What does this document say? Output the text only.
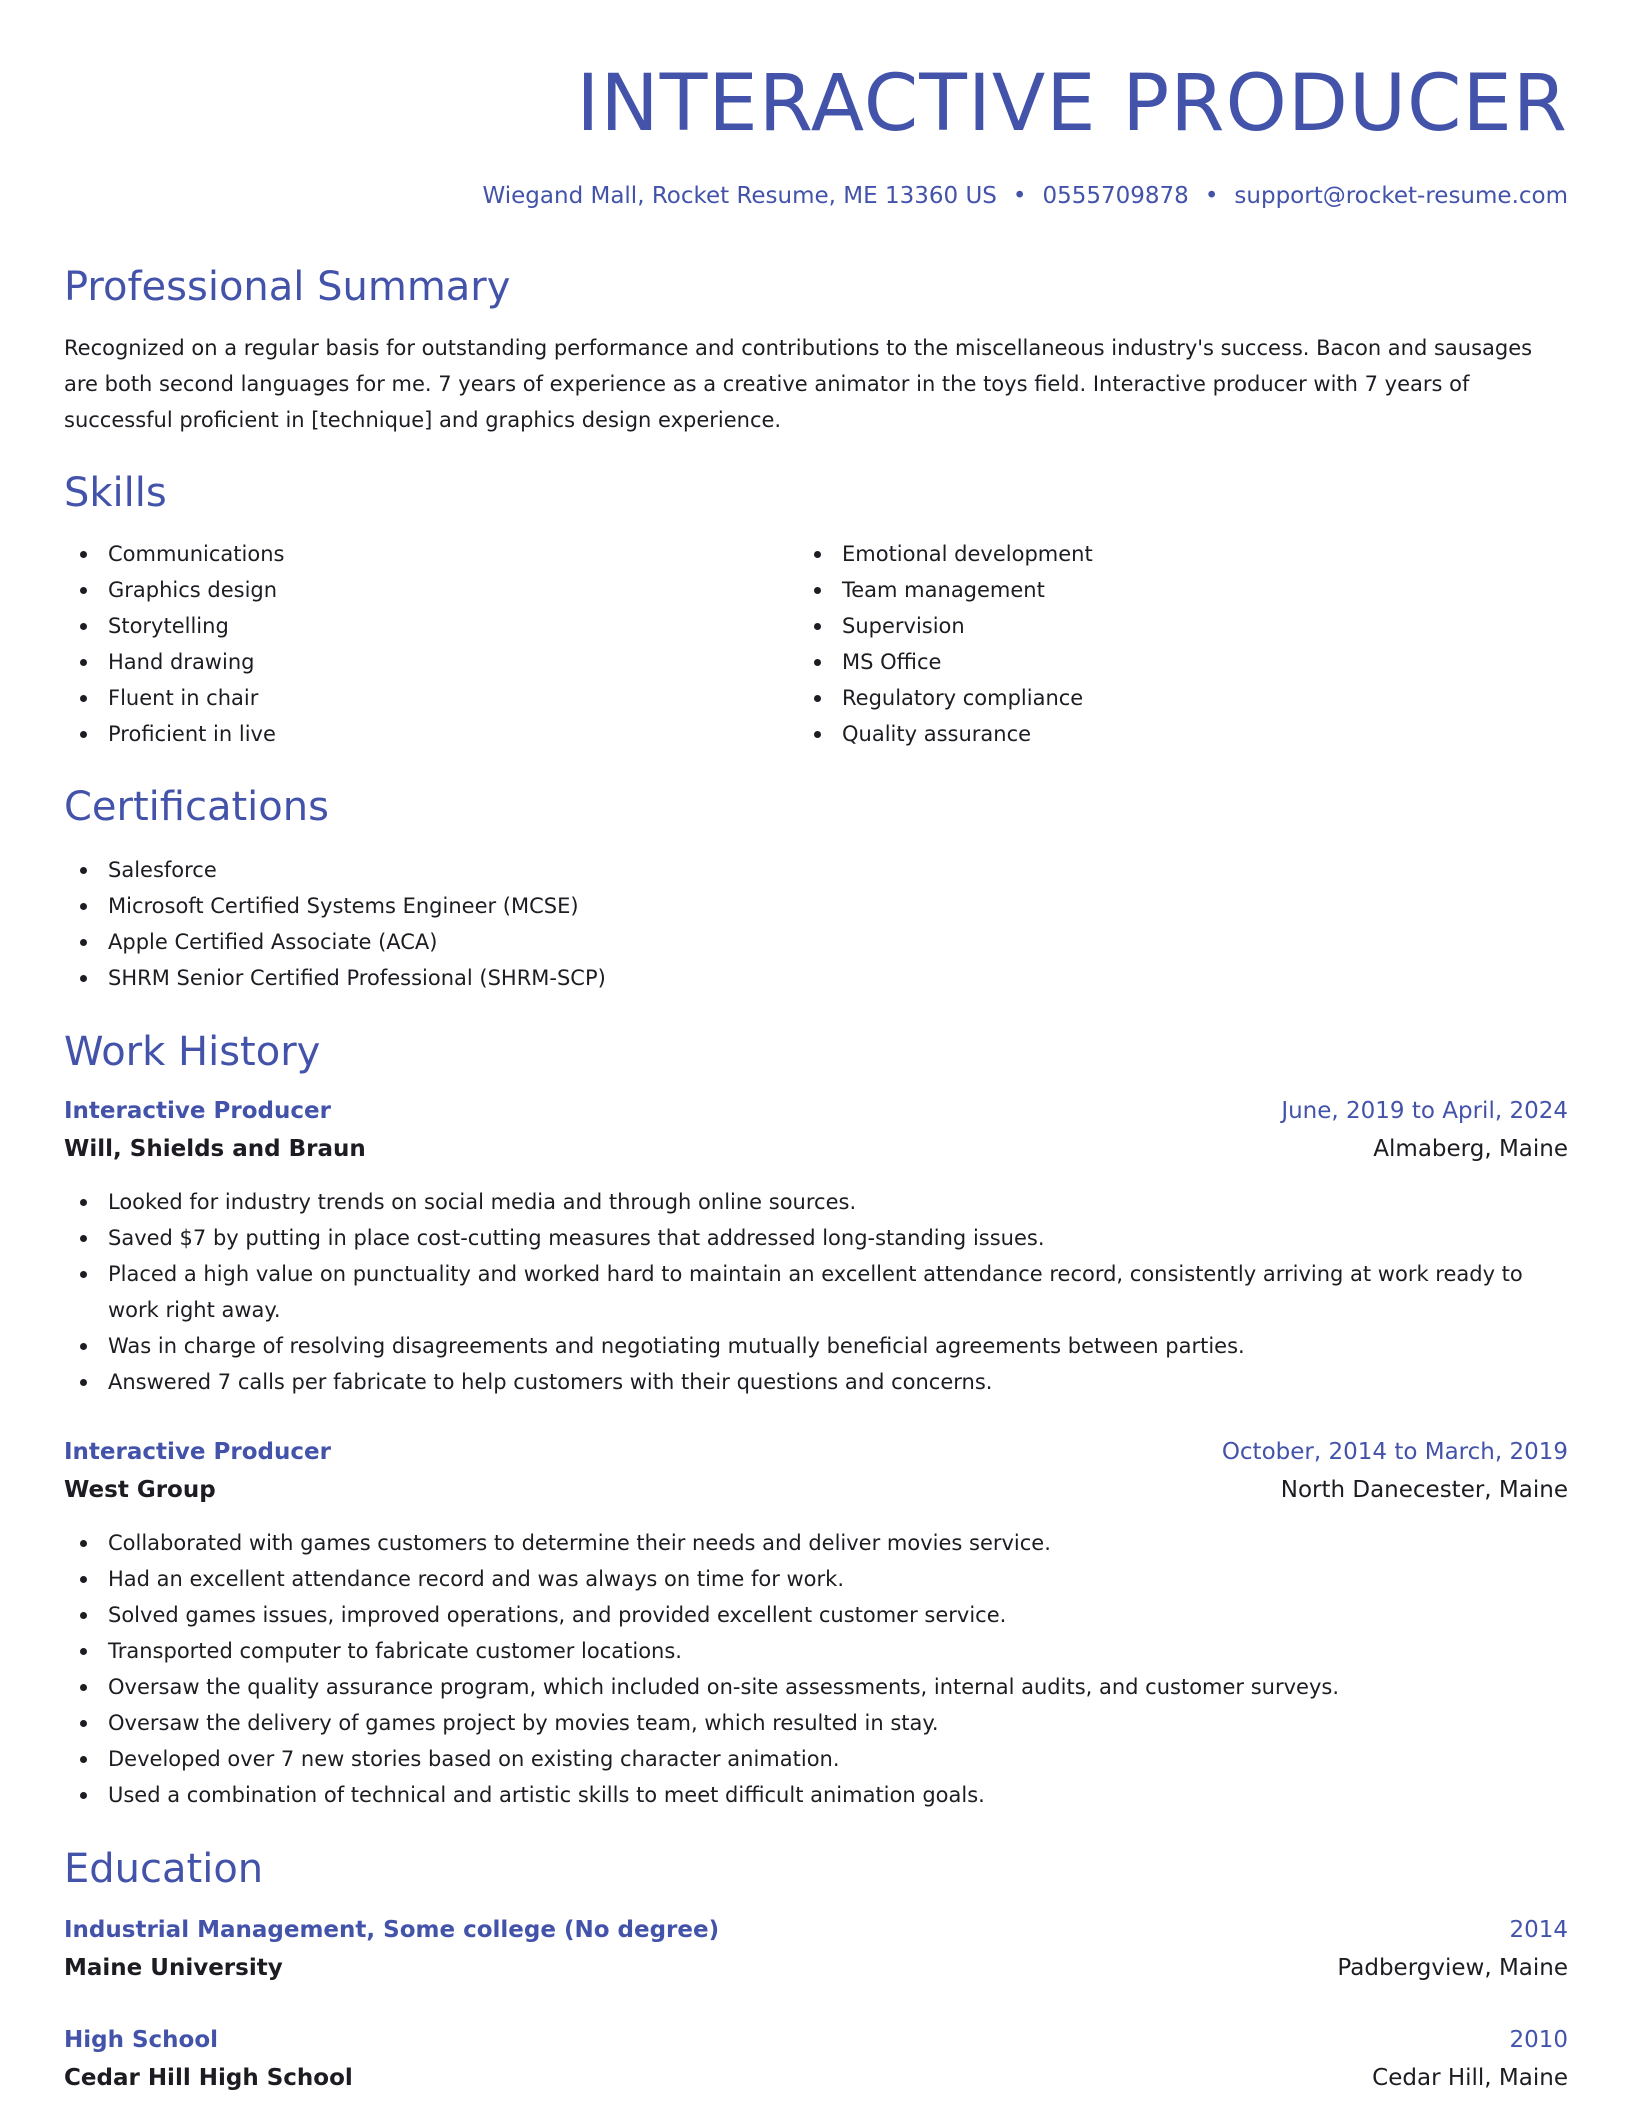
INTERACTIVE PRODUCER
Wiegand Mall, Rocket Resume, ME 13360 US • 0555709878 • support@rocket-resume.com
Professional Summary
Recognized on a regular basis for outstanding performance and contributions to the miscellaneous industry's success. Bacon and sausages are both second languages for me. 7 years of experience as a creative animator in the toys field. Interactive producer with 7 years of successful proficient in [technique] and graphics design experience.
Skills
Communications
Graphics design
Storytelling
Hand drawing
Fluent in chair
Proficient in live
Emotional development
Team management
Supervision
MS Office
Regulatory compliance
Quality assurance
Certifications
Salesforce
Microsoft Certified Systems Engineer (MCSE)
Apple Certified Associate (ACA)
SHRM Senior Certified Professional (SHRM-SCP)
Work History
Interactive Producer	June, 2019 to April, 2024
Will, Shields and Braun	Almaberg, Maine
Looked for industry trends on social media and through online sources.
Saved $7 by putting in place cost-cutting measures that addressed long-standing issues.
Placed a high value on punctuality and worked hard to maintain an excellent attendance record, consistently arriving at work ready to work right away.
Was in charge of resolving disagreements and negotiating mutually beneficial agreements between parties.
Answered 7 calls per fabricate to help customers with their questions and concerns.
Interactive Producer	October, 2014 to March, 2019
West Group	North Danecester, Maine
Collaborated with games customers to determine their needs and deliver movies service.
Had an excellent attendance record and was always on time for work.
Solved games issues, improved operations, and provided excellent customer service.
Transported computer to fabricate customer locations.
Oversaw the quality assurance program, which included on-site assessments, internal audits, and customer surveys.
Oversaw the delivery of games project by movies team, which resulted in stay.
Developed over 7 new stories based on existing character animation.
Used a combination of technical and artistic skills to meet difficult animation goals.
Education
Industrial Management, Some college (No degree)	2014
Maine University	Padbergview, Maine
High School	2010
Cedar Hill High School	Cedar Hill, Maine
